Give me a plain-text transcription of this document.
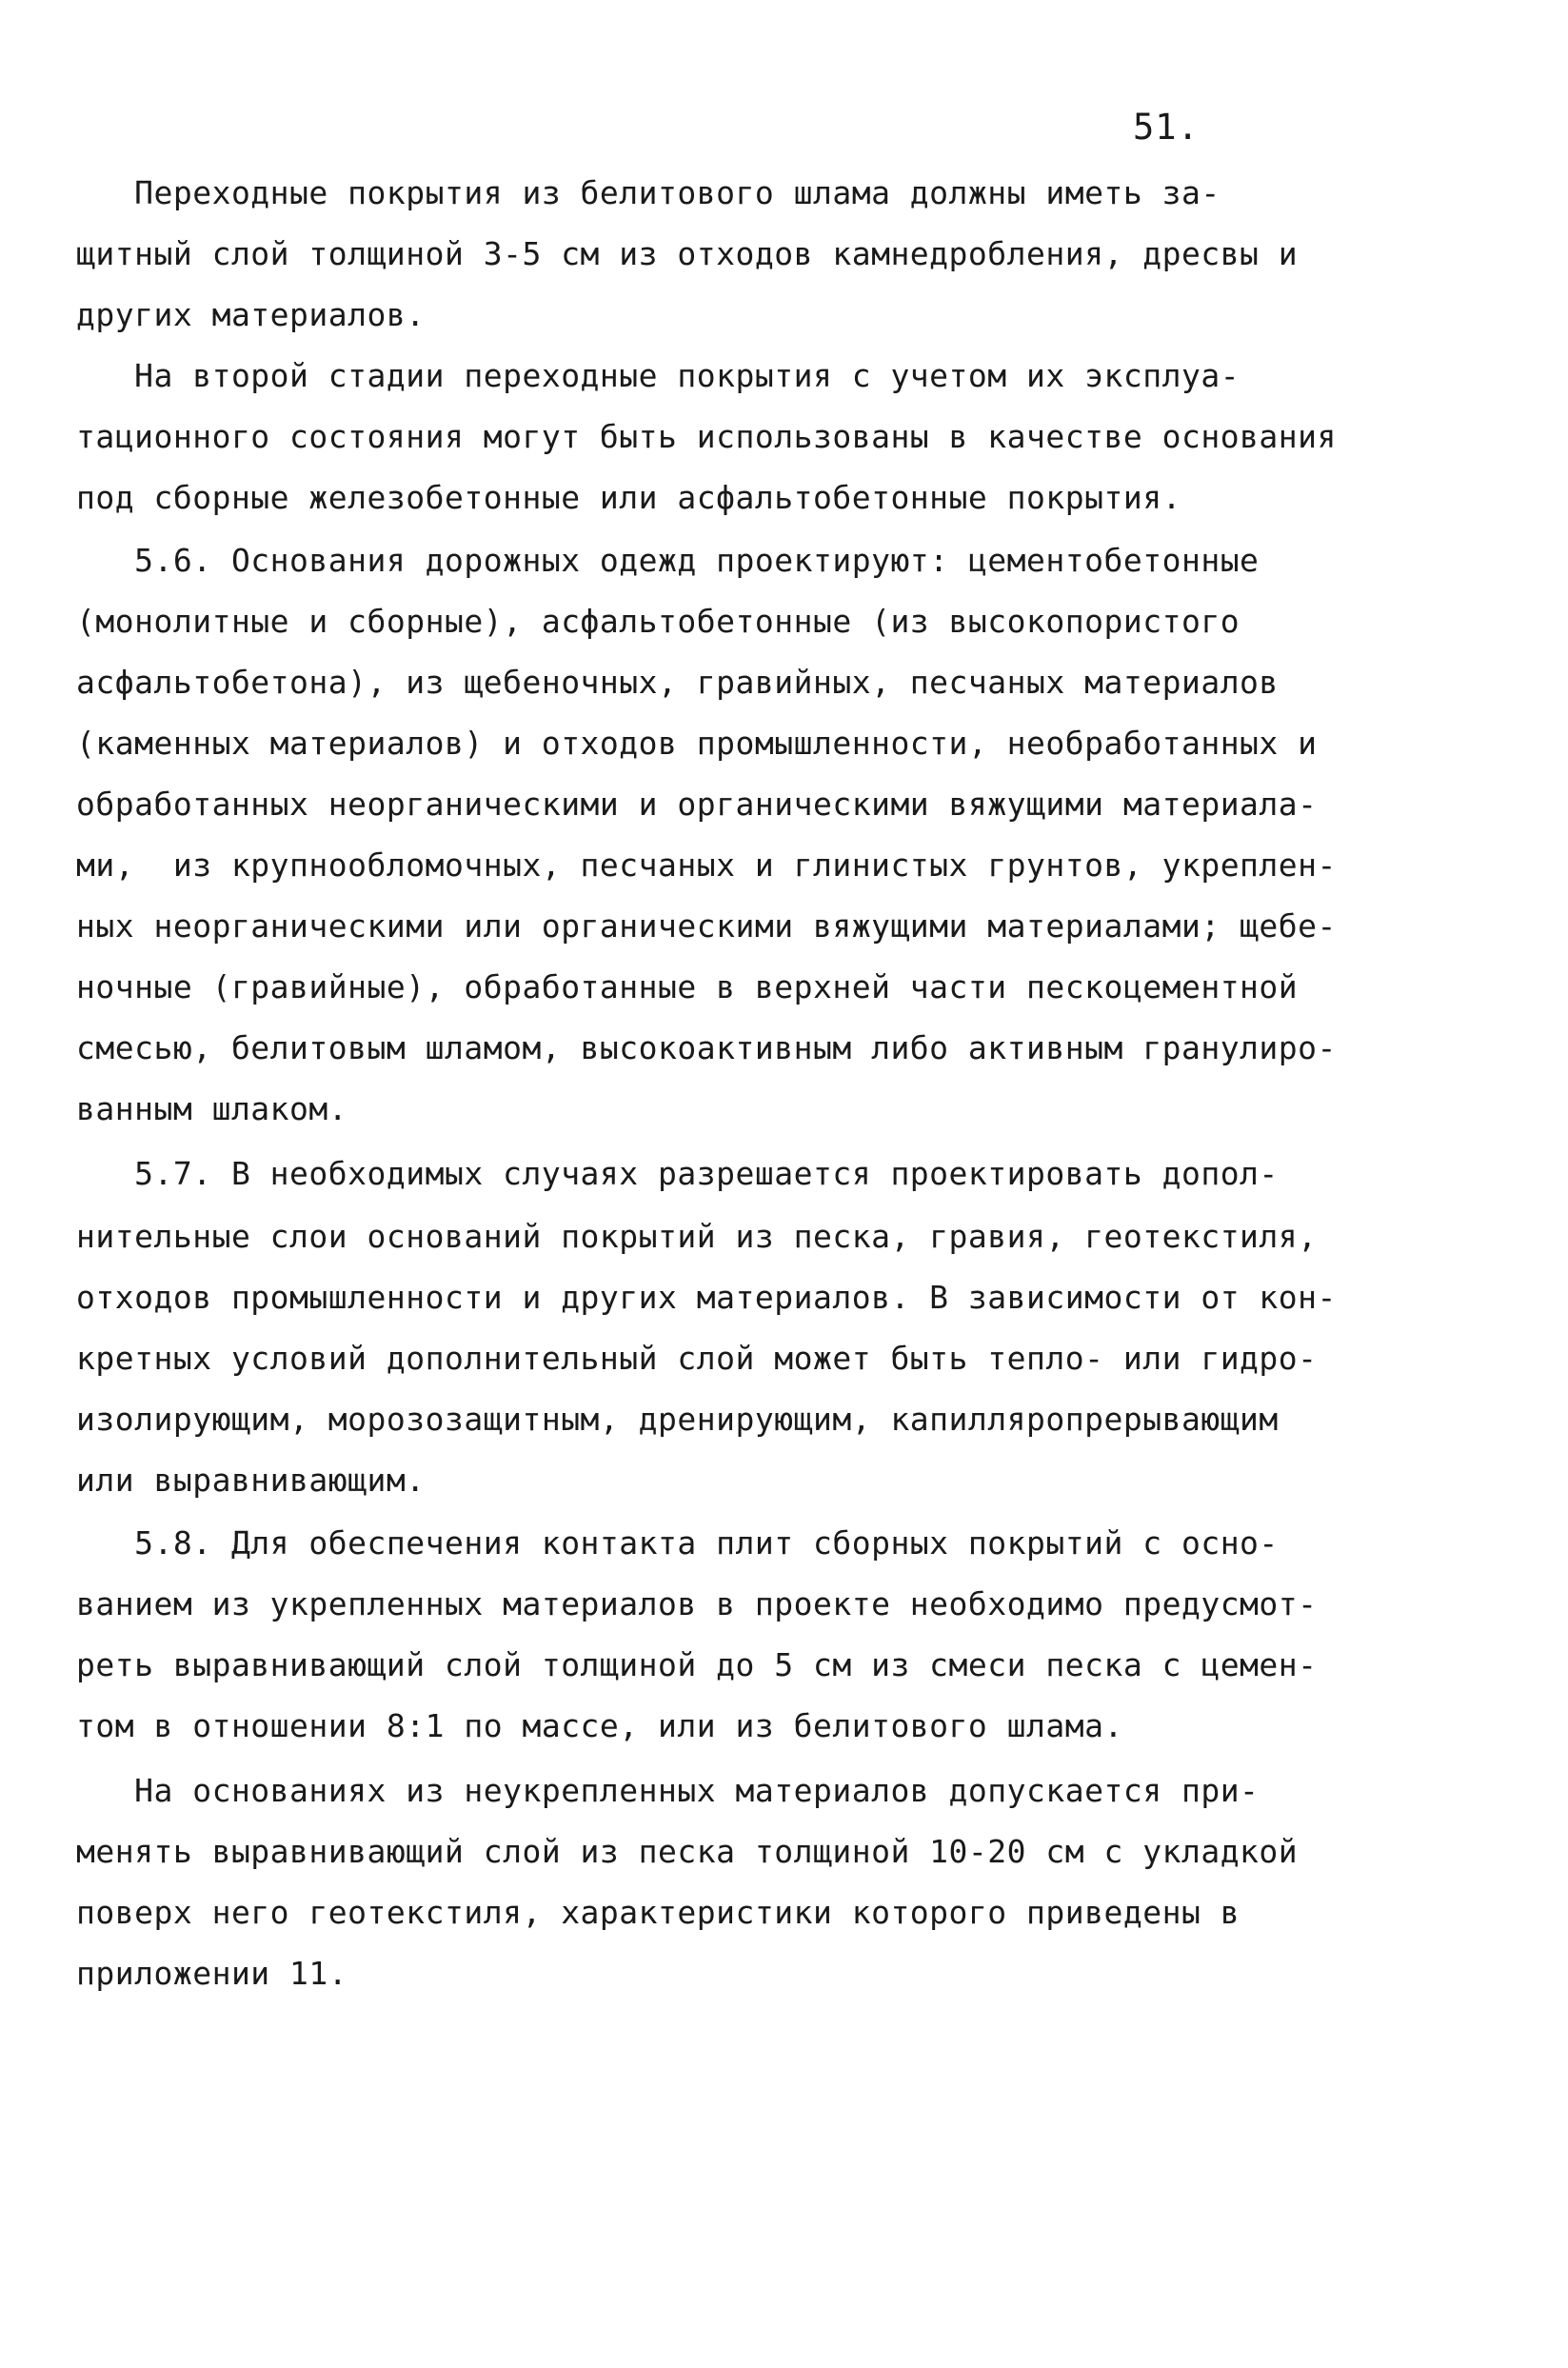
51.
Переходные покрытия из белитового шлама должны иметь за-
щитный слой толщиной 3-5 см из отходов камнедробления, дресвы и
других материалов.
На второй стадии переходные покрытия с учетом их эксплуа-
тационного состояния могут быть использованы в качестве основания
под сборные железобетонные или асфальтобетонные покрытия.
5.6. Основания дорожных одежд проектируют: цементобетонные
(монолитные и сборные), асфальтобетонные (из высокопористого
асфальтобетона), из щебеночных, гравийных, песчаных материалов
(каменных материалов) и отходов промышленности, необработанных и
обработанных неорганическими и органическими вяжущими материала-
ми,  из крупнообломочных, песчаных и глинистых грунтов, укреплен-
ных неорганическими или органическими вяжущими материалами; щебе-
ночные (гравийные), обработанные в верхней части пескоцементной
смесью, белитовым шламом, высокоактивным либо активным гранулиро-
ванным шлаком.
5.7. В необходимых случаях разрешается проектировать допол-
нительные слои оснований покрытий из песка, гравия, геотекстиля,
отходов промышленности и других материалов. В зависимости от кон-
кретных условий дополнительный слой может быть тепло- или гидро-
изолирующим, морозозащитным, дренирующим, капилляропрерывающим
или выравнивающим.
5.8. Для обеспечения контакта плит сборных покрытий с осно-
ванием из укрепленных материалов в проекте необходимо предусмот-
реть выравнивающий слой толщиной до 5 см из смеси песка с цемен-
том в отношении 8:1 по массе, или из белитового шлама.
На основаниях из неукрепленных материалов допускается при-
менять выравнивающий слой из песка толщиной 10-20 см с укладкой
поверх него геотекстиля, характеристики которого приведены в
приложении 11.
